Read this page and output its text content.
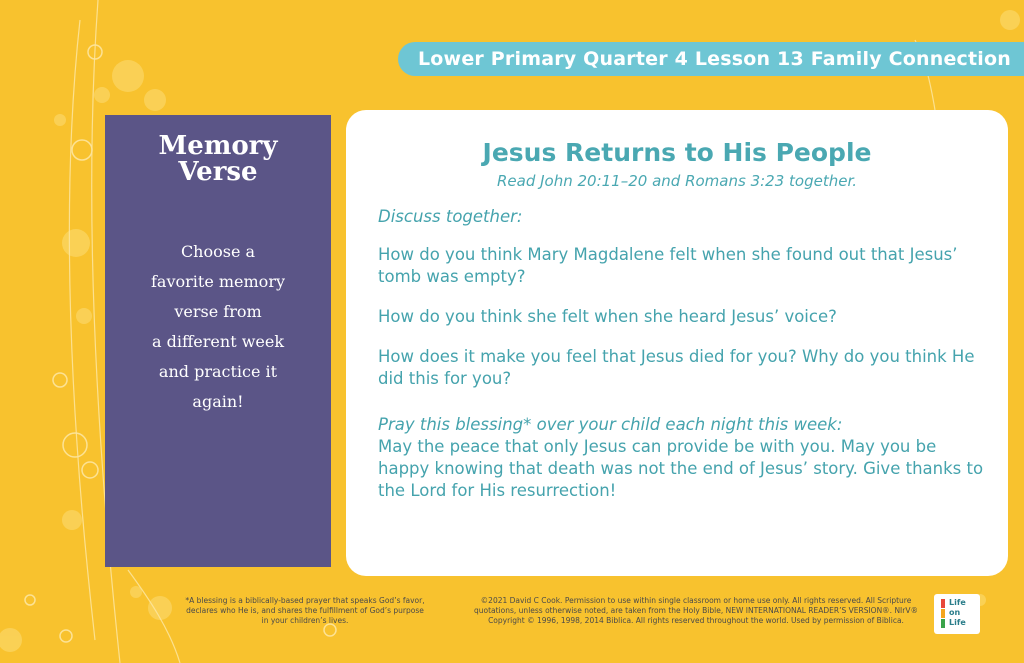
Lower Primary Quarter 4 Lesson 13 Family Connection
Memory
Verse
Choose a
favorite memory
verse from
a different week
and practice it
again!
Jesus Returns to His People
Read John 20:11–20 and Romans 3:23 together.
Discuss together:
How do you think Mary Magdalene felt when she found out that Jesus’ tomb was empty?
How do you think she felt when she heard Jesus’ voice?
How does it make you feel that Jesus died for you? Why do you think He did this for you?
Pray this blessing* over your child each night this week:
May the peace that only Jesus can provide be with you. May you be happy knowing that death was not the end of Jesus’ story. Give thanks to the Lord for His resurrection!
*A blessing is a biblically-based prayer that speaks God’s favor, declares who He is, and shares the fulfillment of God’s purpose in your children’s lives.
©2021 David C Cook. Permission to use within single classroom or home use only. All rights reserved. All Scripture quotations, unless otherwise noted, are taken from the Holy Bible, NEW INTERNATIONAL READER’S VERSION®. NIrV® Copyright © 1996, 1998, 2014 Biblica. All rights reserved throughout the world. Used by permission of Biblica.
Life
on
Life
